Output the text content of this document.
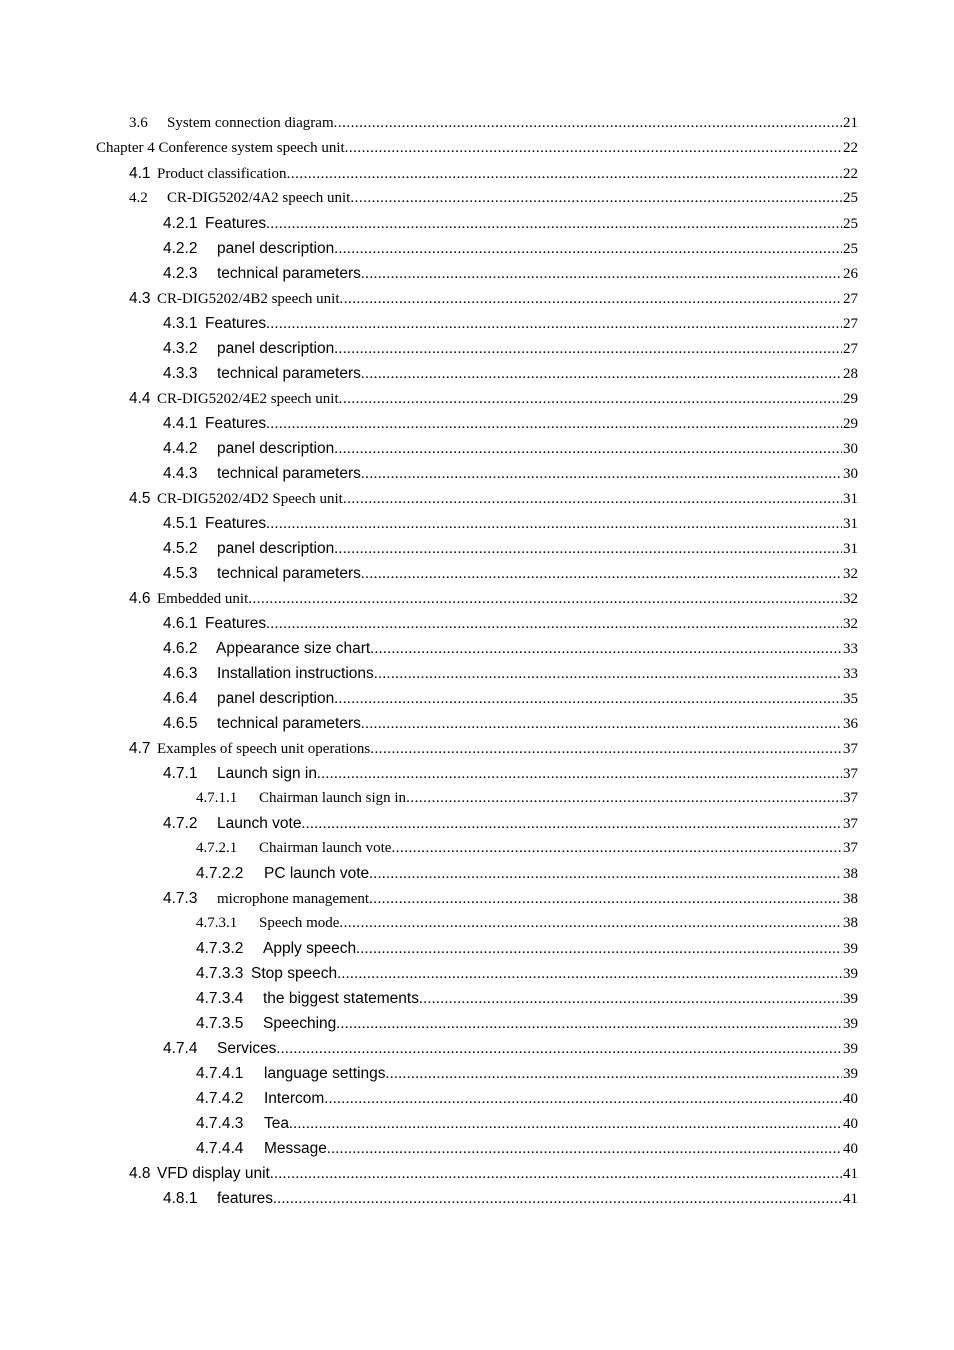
3.6	System connection diagram .....	21
Chapter 4 Conference system speech unit .....	22
4.1 Product classification .....	22
4.2	CR-DIG5202/4A2 speech unit .....	25
4.2.1 Features .....	25
4.2.2	panel description .....	25
4.2.3	technical parameters .....	26
4.3 CR-DIG5202/4B2 speech unit .....	27
4.3.1 Features .....	27
4.3.2	panel description .....	27
4.3.3	technical parameters .....	28
4.4 CR-DIG5202/4E2 speech unit .....	29
4.4.1 Features .....	29
4.4.2	panel description .....	30
4.4.3	technical parameters .....	30
4.5 CR-DIG5202/4D2 Speech unit .....	31
4.5.1 Features .....	31
4.5.2	panel description .....	31
4.5.3	technical parameters .....	32
4.6 Embedded unit .....	32
4.6.1 Features .....	32
4.6.2	Appearance size chart .....	33
4.6.3	Installation instructions .....	33
4.6.4	panel description .....	35
4.6.5	technical parameters .....	36
4.7 Examples of speech unit operations .....	37
4.7.1	Launch sign in .....	37
4.7.1.1	Chairman launch sign in .....	37
4.7.2	Launch vote .....	37
4.7.2.1	Chairman launch vote .....	37
4.7.2.2	PC launch vote .....	38
4.7.3	microphone management .....	38
4.7.3.1	Speech mode .....	38
4.7.3.2	Apply speech .....	39
4.7.3.3 Stop speech .....	39
4.7.3.4	the biggest statements .....	39
4.7.3.5	Speeching .....	39
4.7.4	Services .....	39
4.7.4.1	language settings .....	39
4.7.4.2	Intercom .....	40
4.7.4.3	Tea .....	40
4.7.4.4	Message .....	40
4.8 VFD display unit .....	41
4.8.1	features .....	41
